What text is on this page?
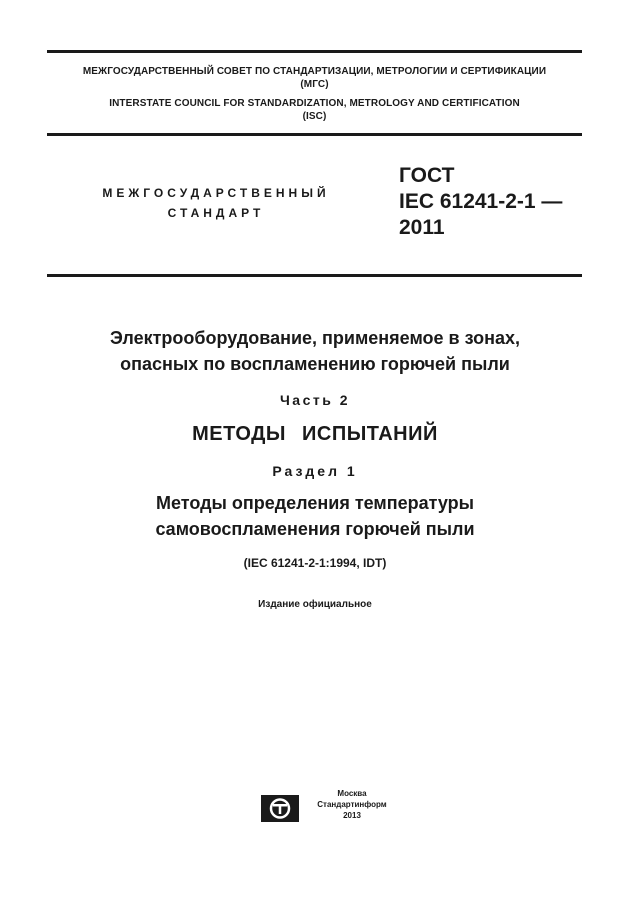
МЕЖГОСУДАРСТВЕННЫЙ СОВЕТ ПО СТАНДАРТИЗАЦИИ, МЕТРОЛОГИИ И СЕРТИФИКАЦИИ
(МГС)
INTERSTATE COUNCIL FOR STANDARDIZATION, METROLOGY AND CERTIFICATION
(ISC)
МЕЖГОСУДАРСТВЕННЫЙ
СТАНДАРТ
ГОСТ
IEC 61241-2-1 —
2011
Электрооборудование, применяемое в зонах,
опасных по воспламенению горючей пыли
Часть 2
МЕТОДЫ ИСПЫТАНИЙ
Раздел 1
Методы определения температуры
самовоспламенения горючей пыли
(IEC 61241-2-1:1994, IDT)
Издание официальное
Москва
Стандартинформ
2013
